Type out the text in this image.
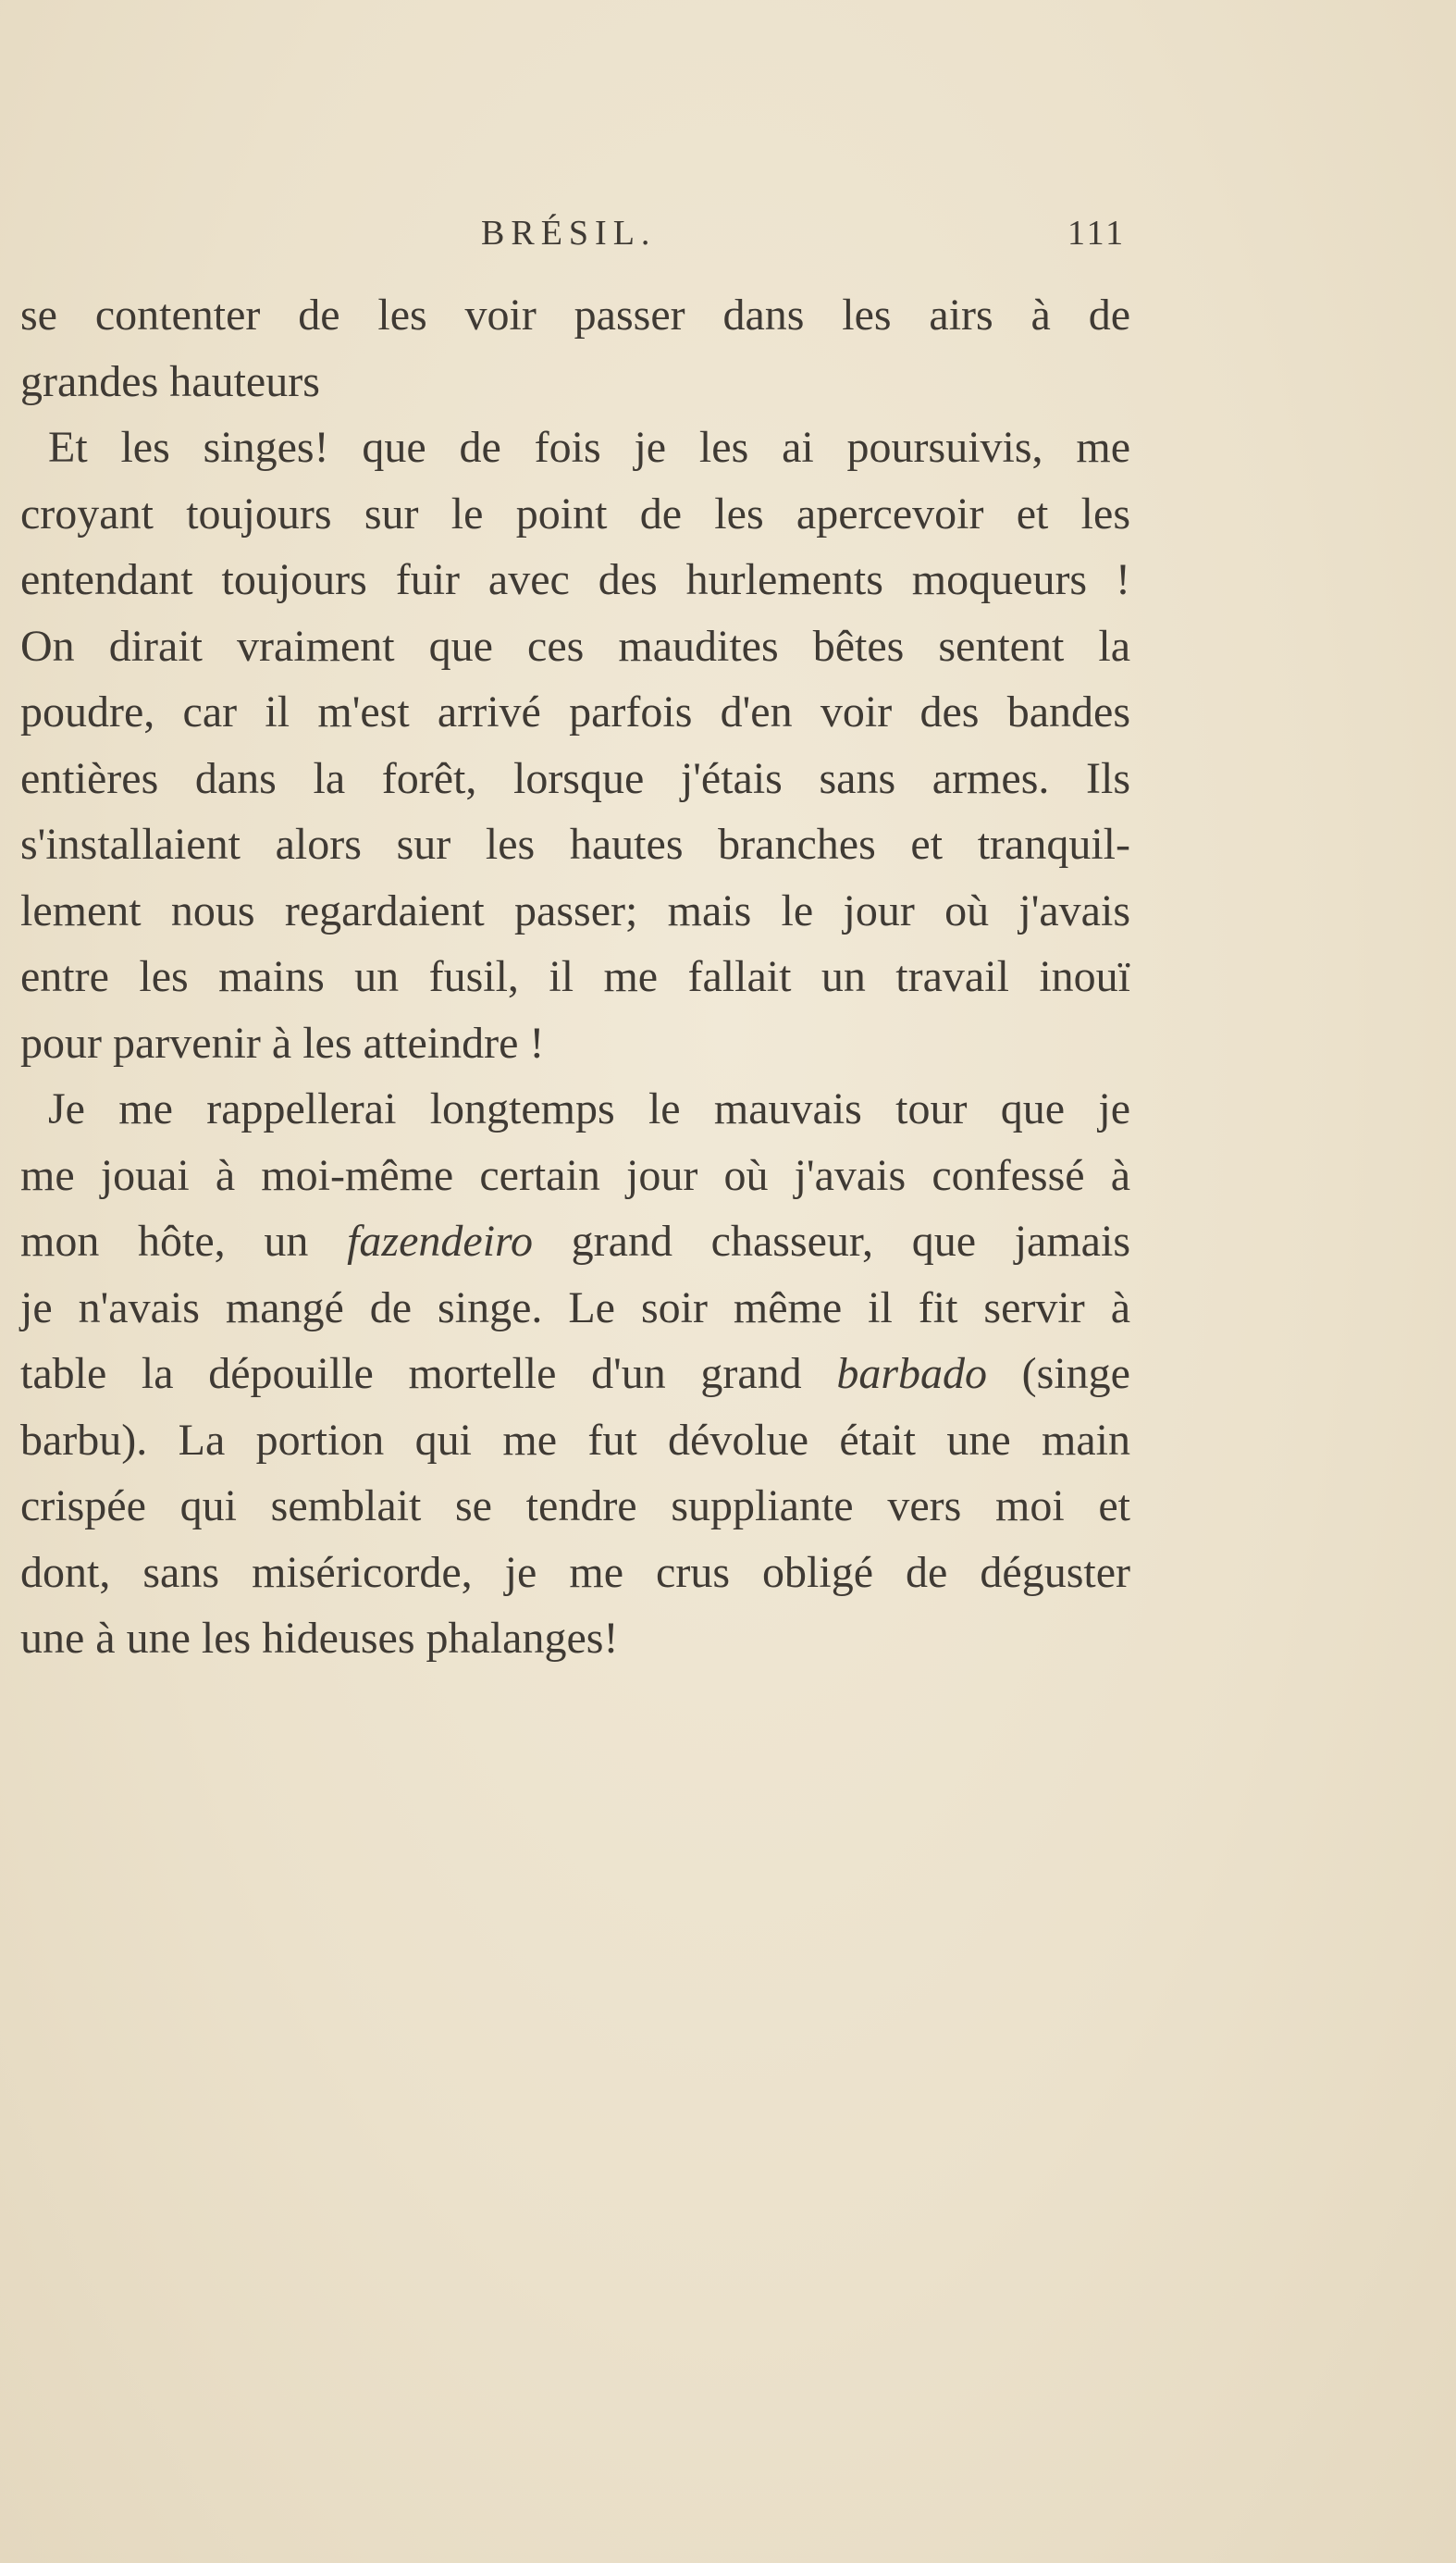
BRÉSIL.	111
se contenter de les voir passer dans les airs à de
grandes hauteurs
Et les singes! que de fois je les ai poursuivis, me
croyant toujours sur le point de les apercevoir et les
entendant toujours fuir avec des hurlements moqueurs !
On dirait vraiment que ces maudites bêtes sentent la
poudre, car il m'est arrivé parfois d'en voir des bandes
entières dans la forêt, lorsque j'étais sans armes. Ils
s'installaient alors sur les hautes branches et tranquil-
lement nous regardaient passer; mais le jour où j'avais
entre les mains un fusil, il me fallait un travail inouï
pour parvenir à les atteindre !
Je me rappellerai longtemps le mauvais tour que je
me jouai à moi-même certain jour où j'avais confessé à
mon hôte, un fazendeiro grand chasseur, que jamais
je n'avais mangé de singe. Le soir même il fit servir à
table la dépouille mortelle d'un grand barbado (singe
barbu). La portion qui me fut dévolue était une main
crispée qui semblait se tendre suppliante vers moi et
dont, sans miséricorde, je me crus obligé de déguster
une à une les hideuses phalanges!
